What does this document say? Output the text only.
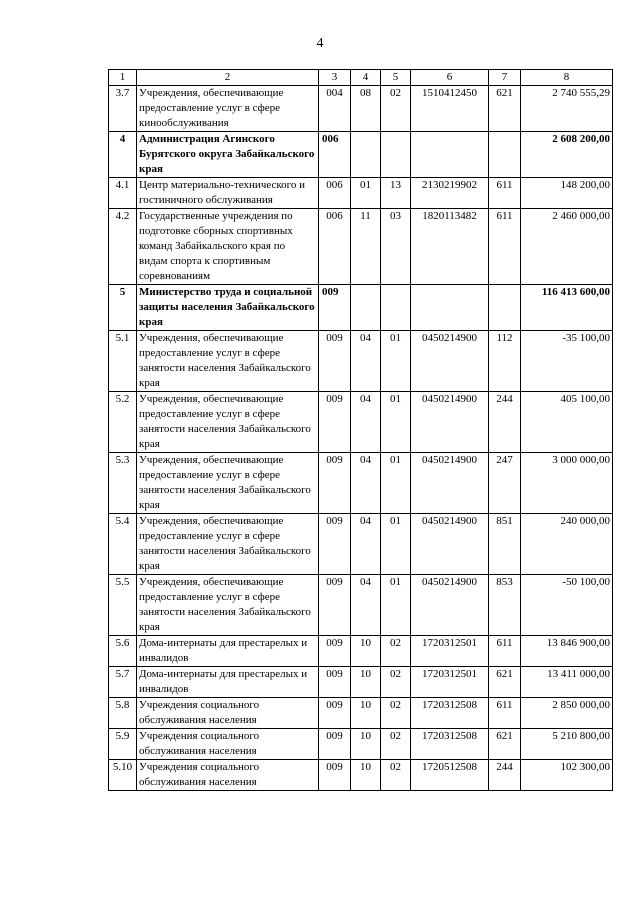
4
1	2	3	4	5	6	7	8
3.7	Учреждения, обеспечивающие предоставление услуг в сфере кинообслуживания	004	08	02	1510412450	621	2 740 555,29
4	Администрация Агинского Бурятского округа Забайкальского края	006					2 608 200,00
4.1	Центр материально-технического и гостиничного обслуживания	006	01	13	2130219902	611	148 200,00
4.2	Государственные учреждения по подготовке сборных спортивных команд Забайкальского края по видам спорта к спортивным соревнованиям	006	11	03	1820113482	611	2 460 000,00
5	Министерство труда и социальной защиты населения Забайкальского края	009					116 413 600,00
5.1	Учреждения, обеспечивающие предоставление услуг в сфере занятости населения Забайкальского края	009	04	01	0450214900	112	-35 100,00
5.2	Учреждения, обеспечивающие предоставление услуг в сфере занятости населения Забайкальского края	009	04	01	0450214900	244	405 100,00
5.3	Учреждения, обеспечивающие предоставление услуг в сфере занятости населения Забайкальского края	009	04	01	0450214900	247	3 000 000,00
5.4	Учреждения, обеспечивающие предоставление услуг в сфере занятости населения Забайкальского края	009	04	01	0450214900	851	240 000,00
5.5	Учреждения, обеспечивающие предоставление услуг в сфере занятости населения Забайкальского края	009	04	01	0450214900	853	-50 100,00
5.6	Дома-интернаты для престарелых и инвалидов	009	10	02	1720312501	611	13 846 900,00
5.7	Дома-интернаты для престарелых и инвалидов	009	10	02	1720312501	621	13 411 000,00
5.8	Учреждения социального обслуживания населения	009	10	02	1720312508	611	2 850 000,00
5.9	Учреждения социального обслуживания населения	009	10	02	1720312508	621	5 210 800,00
5.10	Учреждения социального обслуживания населения	009	10	02	1720512508	244	102 300,00
